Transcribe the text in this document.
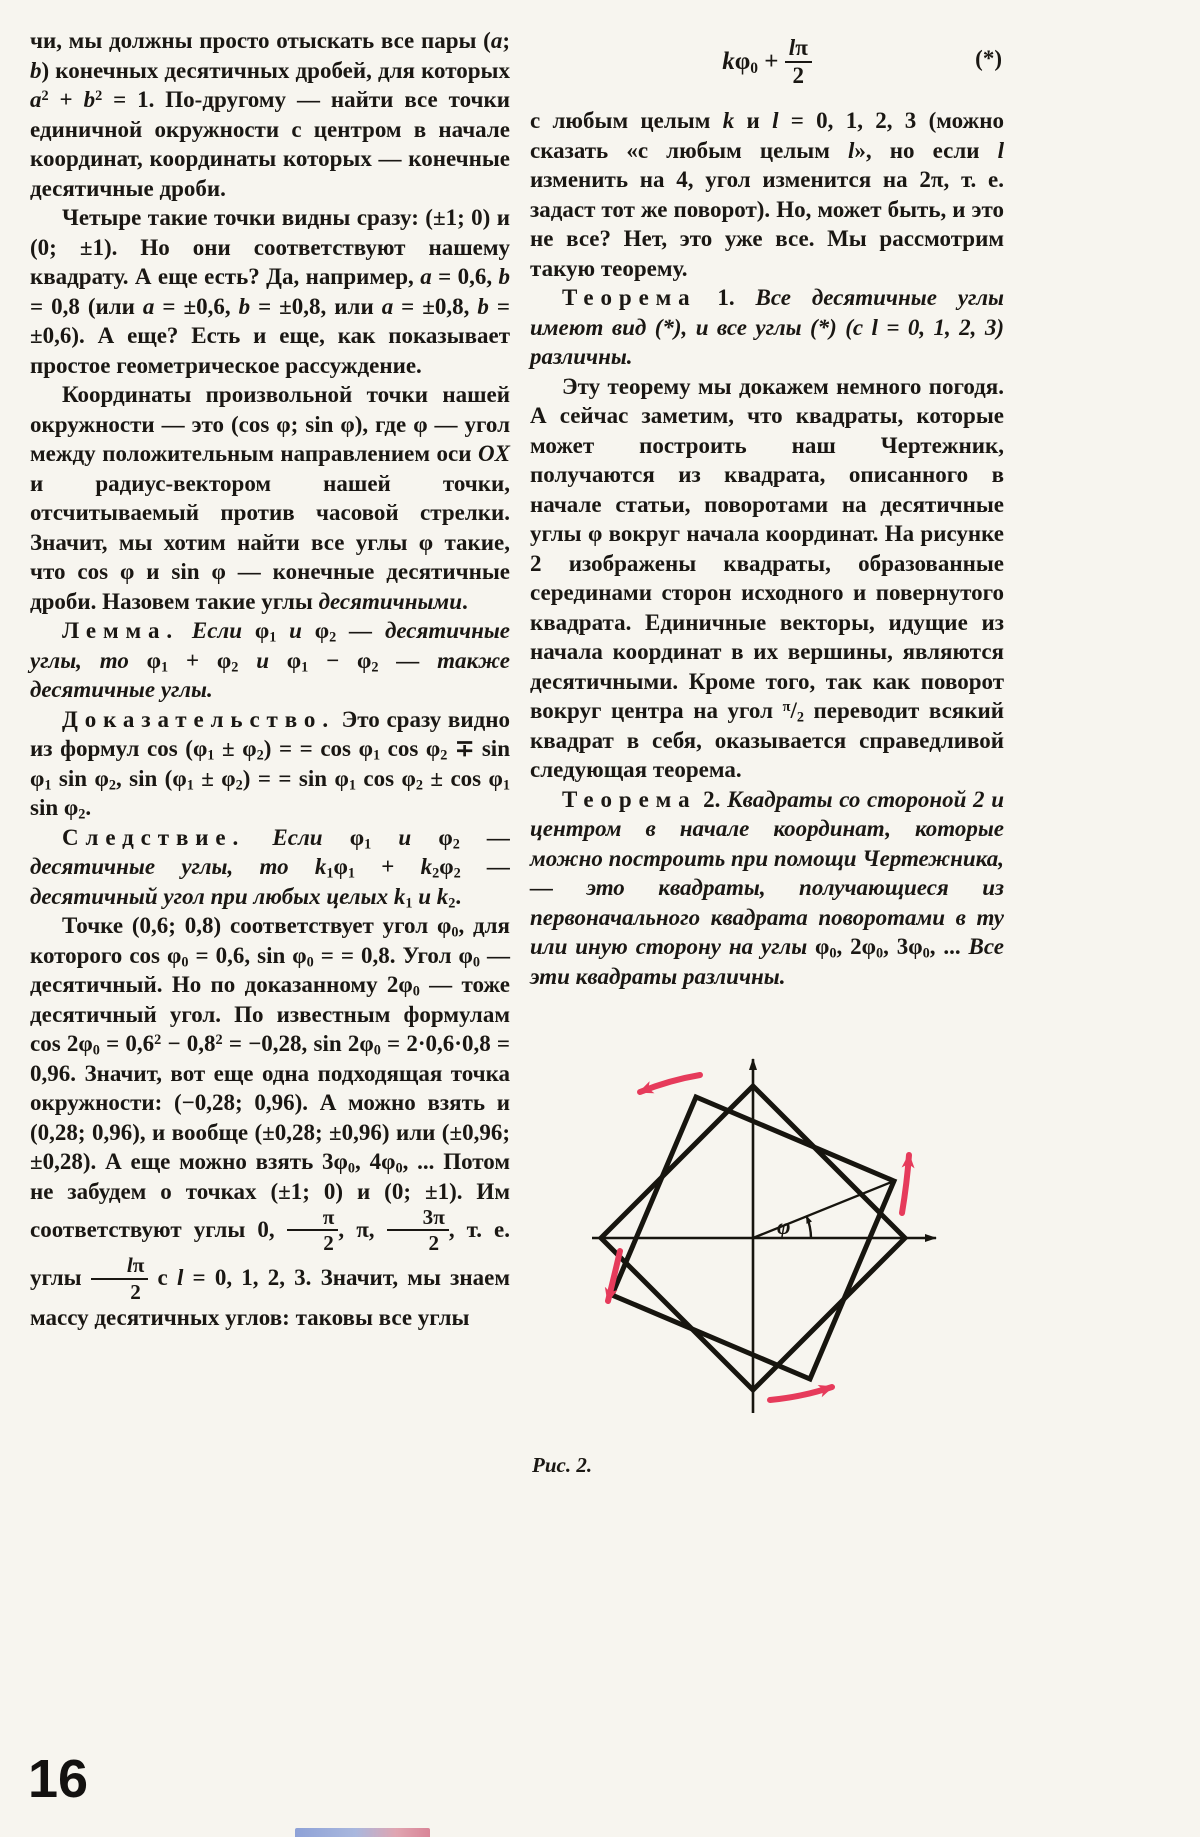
чи, мы должны просто отыскать все пары (a; b) конечных десятичных дробей, для которых $a^2 + b^2 = 1$. По-другому — найти все точки единичной окружности с центром в начале координат, координаты которых — конечные десятичные дроби.

Четыре такие точки видны сразу: (±1; 0) и (0; ±1). Но они соответствуют нашему квадрату. А еще есть? Да, например, a = 0,6, b = 0,8 (или a = ±0,6, b = ±0,8, или a = ±0,8, b = ±0,6). А еще? Есть и еще, как показывает простое геометрическое рассуждение.

Координаты произвольной точки нашей окружности — это (cos φ; sin φ), где φ — угол между положительным направлением оси OX и радиус-вектором нашей точки, отсчитываемый против часовой стрелки. Значит, мы хотим найти все углы φ такие, что cos φ и sin φ — конечные десятичные дроби. Назовем такие углы десятичными.

Лемма. Если $\varphi_1$ и $\varphi_2$ — десятичные углы, то $\varphi_1 + \varphi_2$ и $\varphi_1 - \varphi_2$ — также десятичные углы.

Доказательство. Это сразу видно из формул $\cos (\varphi_1 \pm \varphi_2)$ = = $\cos \varphi_1$ $\cos \varphi_2 \mp \sin \varphi_1$ $\sin \varphi_2$, $\sin (\varphi_1 \pm \varphi_2)$ = = $\sin \varphi_1$ $\cos \varphi_2 \pm \cos \varphi_1$ $\sin \varphi_2$.

Следствие. Если $\varphi_1$ и $\varphi_2$ — десятичные углы, то $k_1\varphi_1 + k_2\varphi_2$ — десятичный угол при любых целых $k_1$ и $k_2$.

Точке (0,6; 0,8) соответствует угол $\varphi_0$, для которого $\cos \varphi_0 = 0,6$, $\sin \varphi_0$ = = 0,8. Угол $\varphi_0$ — десятичный. Но по доказанному $2\varphi_0$ — тоже десятичный угол. По известным формулам $\cos 2\varphi_0 = 0,6^2 - 0,8^2 = -0,28$, $\sin 2\varphi_0 = 2\cdot 0,6\cdot 0,8 = 0,96$. Значит, вот еще одна подходящая точка окружности: (−0,28; 0,96). А можно взять и (0,28; 0,96), и вообще (±0,28; ±0,96) или (±0,96; ±0,28). А еще можно взять $3\varphi_0$, $4\varphi_0$, ... Потом не забудем о точках (±1; 0) и (0; ±1). Им соответствуют углы 0, $\frac{\pi}{2}$ , π, $\frac{3\pi}{2}$ , т. е. углы $\frac{l\pi}{2}$ с l = 0, 1, 2, 3. Значит, мы знаем массу десятичных углов: таковы все углы

$k\varphi_0 + \frac{l\pi}{2}$	(*)

с любым целым k и l = 0, 1, 2, 3 (можно сказать «с любым целым l», но если l изменить на 4, угол изменится на 2π, т. е. задаст тот же поворот). Но, может быть, и это не все? Нет, это уже все. Мы рассмотрим такую теорему.

Теорема 1. Все десятичные углы имеют вид (*), и все углы (*) (с l = 0, 1, 2, 3) различны.

Эту теорему мы докажем немного погодя. А сейчас заметим, что квадраты, которые может построить наш Чертежник, получаются из квадрата, описанного в начале статьи, поворотами на десятичные углы φ вокруг начала координат. На рисунке 2 изображены квадраты, образованные серединами сторон исходного и повернутого квадрата. Единичные векторы, идущие из начала координат в их вершины, являются десятичными. Кроме того, так как поворот вокруг центра на угол $^\pi/_2$ переводит всякий квадрат в себя, оказывается справедливой следующая теорема.

Теорема 2. Квадраты со стороной 2 и центром в начале координат, которые можно построить при помощи Чертежника,— это квадраты, получающиеся из первоначального квадрата поворотами в ту или иную сторону на углы $\varphi_0$, $2\varphi_0$, $3\varphi_0$, ... Все эти квадраты различны.

φ
Рис. 2.
16
